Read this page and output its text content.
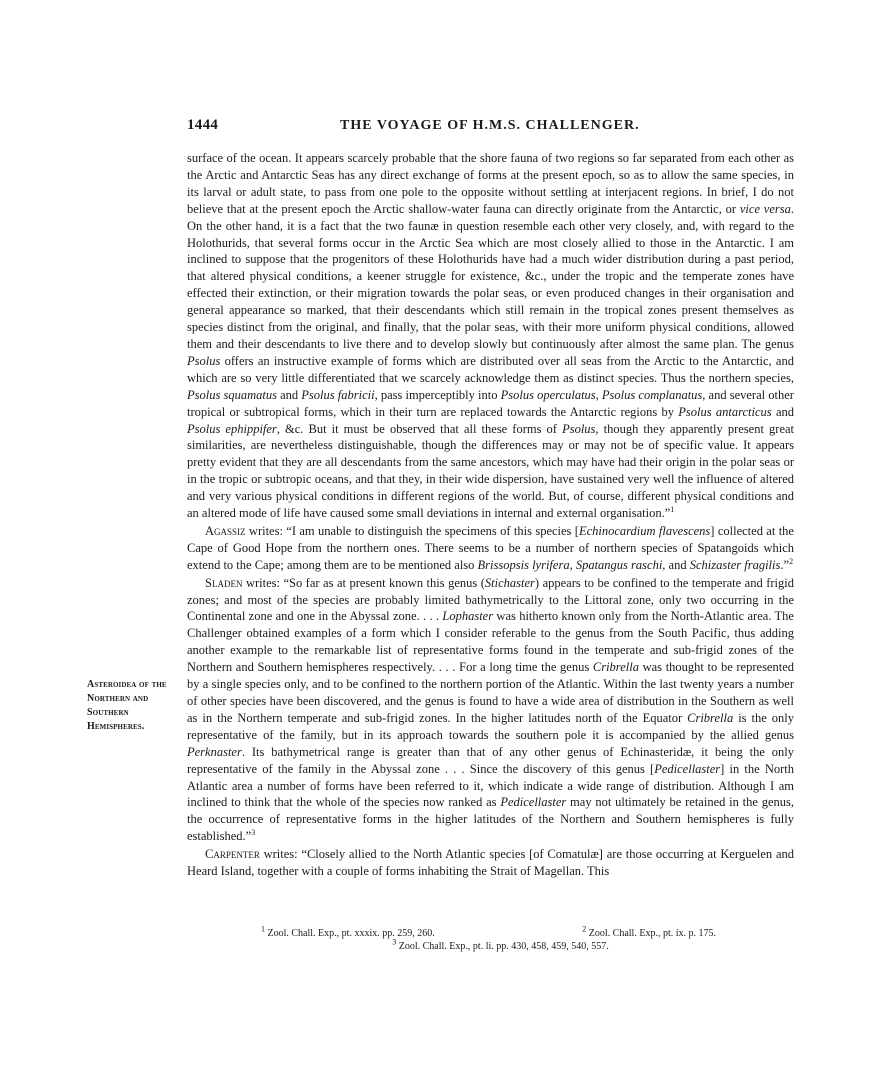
1444	THE VOYAGE OF H.M.S. CHALLENGER.
Asteroidea of the Northern and Southern Hemispheres.

surface of the ocean. It appears scarcely probable that the shore fauna of two regions so far separated from each other as the Arctic and Antarctic Seas has any direct exchange of forms at the present epoch, so as to allow the same species, in its larval or adult state, to pass from one pole to the opposite without settling at interjacent regions. In brief, I do not believe that at the present epoch the Arctic shallow-water fauna can directly originate from the Antarctic, or vice versa. On the other hand, it is a fact that the two faunæ in question resemble each other very closely, and, with regard to the Holothurids, that several forms occur in the Arctic Sea which are most closely allied to those in the Antarctic. I am inclined to suppose that the progenitors of these Holothurids have had a much wider distribution during a past period, that altered physical conditions, a keener struggle for existence, &c., under the tropic and the temperate zones have effected their extinction, or their migration towards the polar seas, or even produced changes in their organisation and general appearance so marked, that their descendants which still remain in the tropical zones present themselves as species distinct from the original, and finally, that the polar seas, with their more uniform physical conditions, allowed them and their descendants to live there and to develop slowly but continuously after almost the same plan. The genus Psolus offers an instructive example of forms which are distributed over all seas from the Arctic to the Antarctic, and which are so very little differentiated that we scarcely acknowledge them as distinct species. Thus the northern species, Psolus squamatus and Psolus fabricii, pass imperceptibly into Psolus operculatus, Psolus complanatus, and several other tropical or subtropical forms, which in their turn are replaced towards the Antarctic regions by Psolus antarcticus and Psolus ephippifer, &c. But it must be observed that all these forms of Psolus, though they apparently present great similarities, are nevertheless distinguishable, though the differences may or may not be of specific value. It appears pretty evident that they are all descendants from the same ancestors, which may have had their origin in the polar seas or in the tropic or subtropic oceans, and that they, in their wide dispersion, have sustained very well the influence of altered and very various physical conditions in different regions of the world. But, of course, different physical conditions and an altered mode of life have caused some small deviations in internal and external organisation.”$^1$

Agassiz writes: “I am unable to distinguish the specimens of this species [Echinocardium flavescens] collected at the Cape of Good Hope from the northern ones. There seems to be a number of northern species of Spatangoids which extend to the Cape; among them are to be mentioned also Brissopsis lyrifera, Spatangus raschi, and Schizaster fragilis.”$^2$

Sladen writes: “So far as at present known this genus (Stichaster) appears to be confined to the temperate and frigid zones; and most of the species are probably limited bathymetrically to the Littoral zone, only two occurring in the Continental zone and one in the Abyssal zone. . . . Lophaster was hitherto known only from the North-Atlantic area. The Challenger obtained examples of a form which I consider referable to the genus from the South Pacific, thus adding another example to the remarkable list of representative forms found in the temperate and sub-frigid zones of the Northern and Southern hemispheres respectively. . . . For a long time the genus Cribrella was thought to be represented by a single species only, and to be confined to the northern portion of the Atlantic. Within the last twenty years a number of other species have been discovered, and the genus is found to have a wide area of distribution in the Southern as well as in the Northern temperate and sub-frigid zones. In the higher latitudes north of the Equator Cribrella is the only representative of the family, but in its approach towards the southern pole it is accompanied by the allied genus Perknaster. Its bathymetrical range is greater than that of any other genus of Echinasteridæ, it being the only representative of the family in the Abyssal zone . . . Since the discovery of this genus [Pedicellaster] in the North Atlantic area a number of forms have been referred to it, which indicate a wide range of distribution. Although I am inclined to think that the whole of the species now ranked as Pedicellaster may not ultimately be retained in the genus, the occurrence of representative forms in the higher latitudes of the Northern and Southern hemispheres is fully established.”$^3$

Carpenter writes: “Closely allied to the North Atlantic species [of Comatulæ] are those occurring at Kerguelen and Heard Island, together with a couple of forms inhabiting the Strait of Magellan. This

$^1$ Zool. Chall. Exp., pt. xxxix. pp. 259, 260.	$^2$ Zool. Chall. Exp., pt. ix. p. 175.
$^3$ Zool. Chall. Exp., pt. li. pp. 430, 458, 459, 540, 557.
